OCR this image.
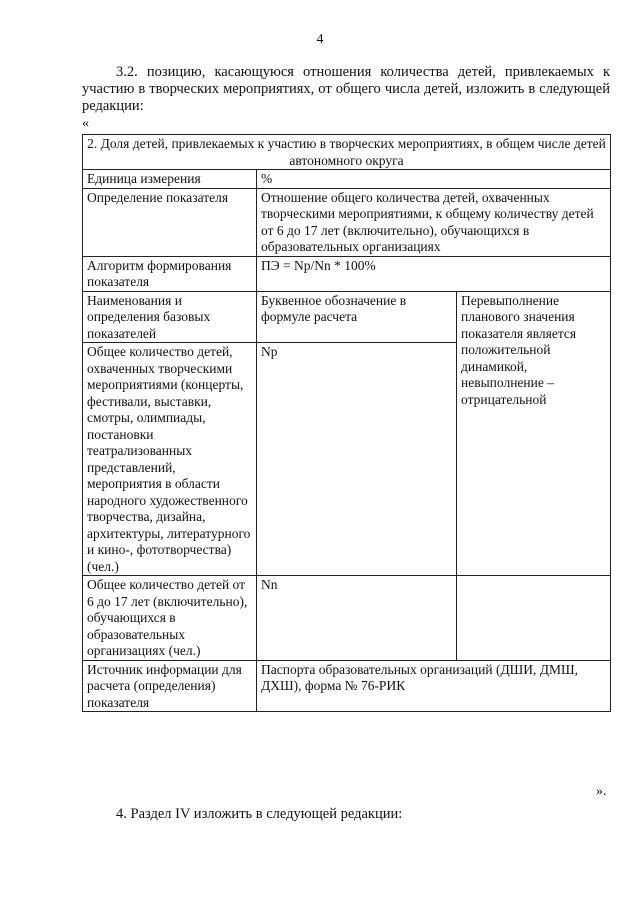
4
3.2. позицию, касающуюся отношения количества детей, привлекаемых к участию в творческих мероприятиях, от общего числа детей, изложить в следующей редакции:
«
2. Доля детей, привлекаемых к участию в творческих мероприятиях, в общем числе детей автономного округа		
Единица измерения	%	
Определение показателя	Отношение общего количества детей, охваченных творческими мероприятиями, к общему количеству детей от 6 до 17 лет (включительно), обучающихся в образовательных организациях	
Алгоритм формирования показателя	ПЭ = Np/Nn * 100%	
Наименования и определения базовых показателей	Буквенное обозначение в формуле расчета	Перевыполнение планового значения показателя является положительной динамикой, невыполнение – отрицательной
Общее количество детей, охваченных творческими мероприятиями (концерты, фестивали, выставки, смотры, олимпиады, постановки театрализованных представлений, мероприятия в области народного художественного творчества, дизайна, архитектуры, литературного и кино-, фототворчества) (чел.)	Np	
Общее количество детей от 6 до 17 лет (включительно), обучающихся в образовательных организациях (чел.)	Nn	
Источник информации для расчета (определения) показателя	Паспорта образовательных организаций (ДШИ, ДМШ, ДХШ), форма № 76-РИК	
».
4. Раздел IV изложить в следующей редакции:
